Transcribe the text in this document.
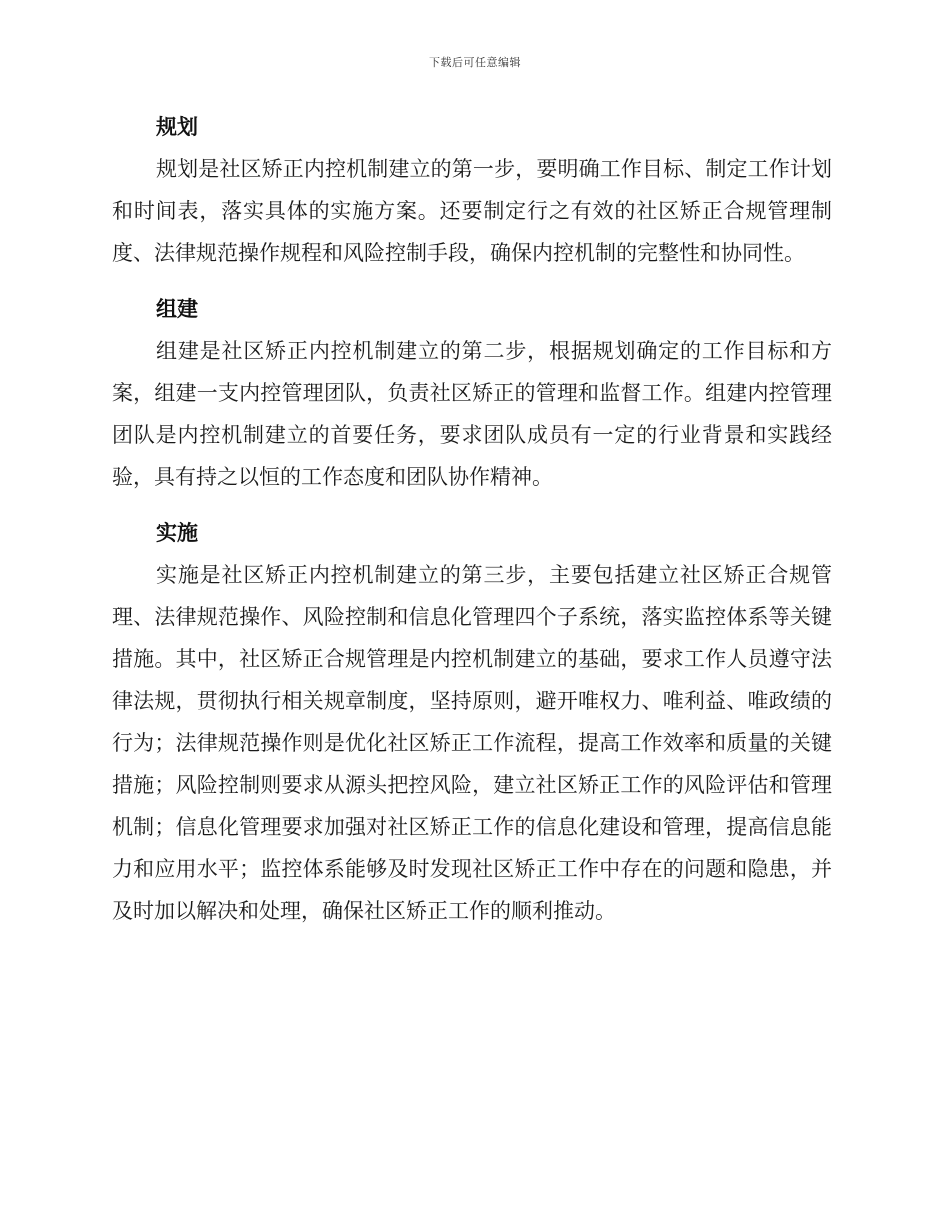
下载后可任意编辑
规划

规划是社区矫正内控机制建立的第一步，要明确工作目标、制定工作计划和时间表，落实具体的实施方案。还要制定行之有效的社区矫正合规管理制度、法律规范操作规程和风险控制手段，确保内控机制的完整性和协同性。

组建

组建是社区矫正内控机制建立的第二步，根据规划确定的工作目标和方案，组建一支内控管理团队，负责社区矫正的管理和监督工作。组建内控管理团队是内控机制建立的首要任务，要求团队成员有一定的行业背景和实践经验，具有持之以恒的工作态度和团队协作精神。

实施

实施是社区矫正内控机制建立的第三步，主要包括建立社区矫正合规管理、法律规范操作、风险控制和信息化管理四个子系统，落实监控体系等关键措施。其中，社区矫正合规管理是内控机制建立的基础，要求工作人员遵守法律法规，贯彻执行相关规章制度，坚持原则，避开唯权力、唯利益、唯政绩的行为；法律规范操作则是优化社区矫正工作流程，提高工作效率和质量的关键措施；风险控制则要求从源头把控风险，建立社区矫正工作的风险评估和管理机制；信息化管理要求加强对社区矫正工作的信息化建设和管理，提高信息能力和应用水平；监控体系能够及时发现社区矫正工作中存在的问题和隐患，并及时加以解决和处理，确保社区矫正工作的顺利推动。
